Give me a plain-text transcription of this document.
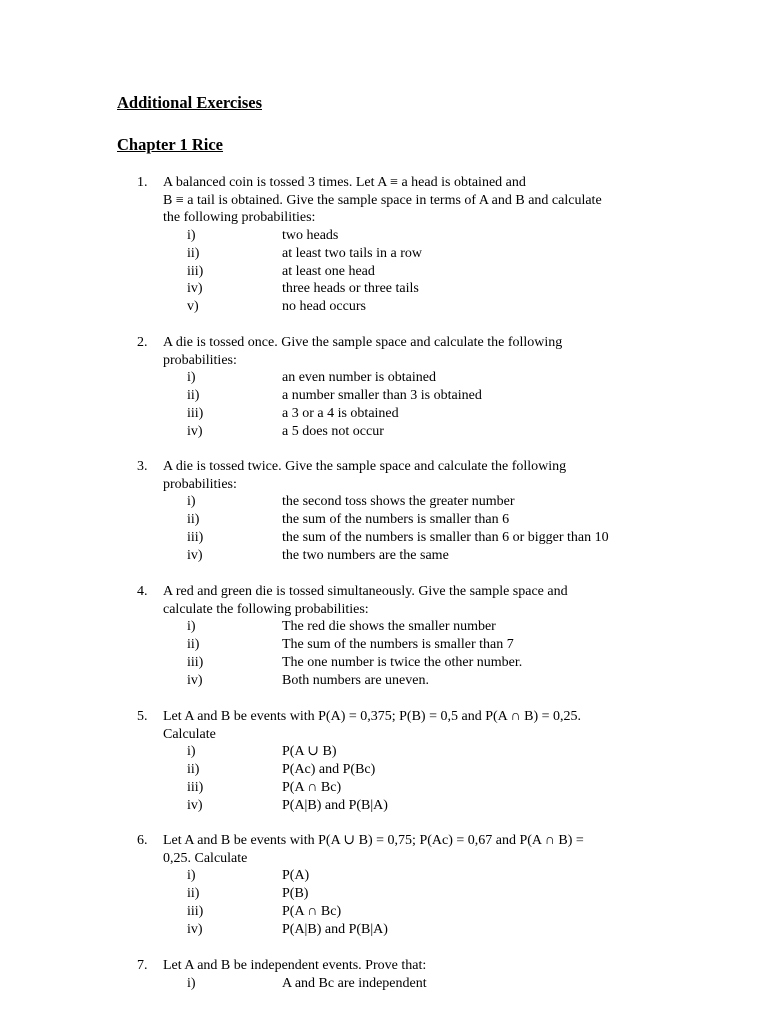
Additional Exercises
Chapter 1 Rice
1.	A balanced coin is tossed 3 times. Let A ≡ a head is obtained and
B ≡ a tail is obtained. Give the sample space in terms of A and B and calculate
the following probabilities:
i)	two heads
ii)	at least two tails in a row
iii)	at least one head
iv)	three heads or three tails
v)	no head occurs
2.	A die is tossed once. Give the sample space and calculate the following
probabilities:
i)	an even number is obtained
ii)	a number smaller than 3 is obtained
iii)	a 3 or a 4 is obtained
iv)	a 5 does not occur
3.	A die is tossed twice. Give the sample space and calculate the following
probabilities:
i)	the second toss shows the greater number
ii)	the sum of the numbers is smaller than 6
iii)	the sum of the numbers is smaller than 6 or bigger than 10
iv)	the two numbers are the same
4.	A red and green die is tossed simultaneously. Give the sample space and
calculate the following probabilities:
i)	The red die shows the smaller number
ii)	The sum of the numbers is smaller than 7
iii)	The one number is twice the other number.
iv)	Both numbers are uneven.
5.	Let A and B be events with P(A) = 0,375; P(B) = 0,5 and P(A ∩ B) = 0,25.
Calculate
i)	P(A ∪ B)
ii)	P(Ac) and P(Bc)
iii)	P(A ∩ Bc)
iv)	P(A|B) and P(B|A)
6.	Let A and B be events with P(A ∪ B) = 0,75; P(Ac) = 0,67 and P(A ∩ B) =
0,25. Calculate
i)	P(A)
ii)	P(B)
iii)	P(A ∩ Bc)
iv)	P(A|B) and P(B|A)
7.	Let A and B be independent events. Prove that:
i)	A and Bc are independent
